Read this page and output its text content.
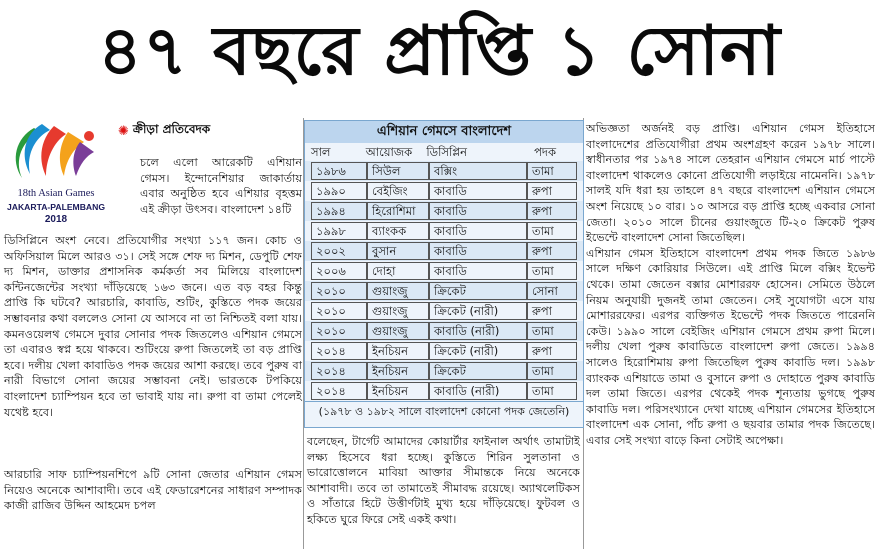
৪৭ বছরে প্রাপ্তি ১ সোনা
18th Asian Games
JAKARTA-PALEMBANG
2018
✺ ক্রীড়া প্রতিবেদক

চলে এলো আরেকটি এশিয়ান গেমস। ইন্দোনেশিয়ার জাকার্তায় এবার অনুষ্ঠিত হবে এশিয়ার বৃহত্তম এই ক্রীড়া উৎসব। বাংলাদেশ ১৪টি

ডিসিপ্লিনে অংশ নেবে। প্রতিযোগীর সংখ্যা ১১৭ জন। কোচ ও অফিসিয়াল মিলে আরও ৩১। সেই সঙ্গে শেফ দ্য মিশন, ডেপুটি শেফ দ্য মিশন, ডাক্তার প্রশাসনিক কর্মকর্তা সব মিলিয়ে বাংলাদেশ কন্টিনজেন্টের সংখ্যা দাঁড়িয়েছে ১৬৩ জনে। এত বড় বহর কিন্তু প্রাপ্তি কি ঘটবে? আরচারি, কাবাডি, শুটিং, কুস্তিতে পদক জয়ের সম্ভাবনার কথা বললেও সোনা যে আসবে না তা নিশ্চিতই বলা যায়। কমনওয়েলথ গেমসে দুবার সোনার পদক জিতলেও এশিয়ান গেমসে তা এবারও স্বপ্ন হয়ে থাকবে। শুটিংয়ে রুপা জিতলেই তা বড় প্রাপ্তি হবে। দলীয় খেলা কাবাডিও পদক জয়ের আশা করছে। তবে পুরুষ বা নারী বিভাগে সোনা জয়ের সম্ভাবনা নেই। ভারতকে টপকিয়ে বাংলাদেশ চ্যাম্পিয়ন হবে তা ভাবাই যায় না। রুপা বা তামা পেলেই যথেষ্ট হবে।

আরচারি সাফ চ্যাম্পিয়নশিপে ৯টি সোনা জেতার এশিয়ান গেমস নিয়েও অনেকে আশাবাদী। তবে এই ফেডারেশনের সাধারণ সম্পাদক কাজী রাজিব উদ্দিন আহমেদ চপল

এশিয়ান গেমসে বাংলাদেশ
সাল	আয়োজক	ডিসিপ্লিন	পদক
১৯৮৬	সিউল	বক্সিং	তামা
১৯৯০	বেইজিং	কাবাডি	রুপা
১৯৯৪	হিরোশিমা	কাবাডি	রুপা
১৯৯৮	ব্যাংকক	কাবাডি	তামা
২০০২	বুসান	কাবাডি	রুপা
২০০৬	দোহা	কাবাডি	তামা
২০১০	গুয়াংজু	ক্রিকেট	সোনা
২০১০	গুয়াংজু	ক্রিকেট (নারী)	রুপা
২০১০	গুয়াংজু	কাবাডি (নারী)	তামা
২০১৪	ইনচিয়ন	ক্রিকেট (নারী)	রুপা
২০১৪	ইনচিয়ন	ক্রিকেট	তামা
২০১৪	ইনচিয়ন	কাবাডি (নারী)	তামা
(১৯৭৮ ও ১৯৮২ সালে বাংলাদেশ কোনো পদক জেতেনি)

বলেছেন, টার্গেট আমাদের কোয়ার্টার ফাইনাল অর্থাৎ তামাটাই লক্ষ্য হিসেবে ধরা হচ্ছে। কুস্তিতে শিরিন সুলতানা ও ভারোত্তোলনে মাবিয়া আক্তার সীমান্তকে নিয়ে অনেকে আশাবাদী। তবে তা তামাতেই সীমাবদ্ধ রয়েছে। অ্যাথলেটিকস ও সাঁতারে হিটে উত্তীর্ণটাই মুখ্য হয়ে দাঁড়িয়েছে। ফুটবল ও হকিতে ঘুরে ফিরে সেই একই কথা।

অভিজ্ঞতা অর্জনই বড় প্রাপ্তি। এশিয়ান গেমস ইতিহাসে বাংলাদেশের প্রতিযোগীরা প্রথম অংশগ্রহণ করেন ১৯৭৮ সালে। স্বাধীনতার পর ১৯৭৪ সালে তেহরান এশিয়ান গেমসে মার্চ পাস্টে বাংলাদেশ থাকলেও কোনো প্রতিযোগী লড়াইয়ে নামেননি। ১৯৭৮ সালই যদি ধরা হয় তাহলে ৪৭ বছরে বাংলাদেশ এশিয়ান গেমসে অংশ নিয়েছে ১০ বার। ১০ আসরে বড় প্রাপ্তি হচ্ছে একবার সোনা জেতা। ২০১০ সালে চীনের গুয়াংজুতে টি-২০ ক্রিকেট পুরুষ ইভেন্টে বাংলাদেশ সোনা জিতেছিল।

এশিয়ান গেমস ইতিহাসে বাংলাদেশ প্রথম পদক জিতে ১৯৮৬ সালে দক্ষিণ কোরিয়ার সিউলে। এই প্রাপ্তি মিলে বক্সিং ইভেন্ট থেকে। তামা জেতেন বক্সার মোশাররফ হোসেন। সেমিতে উঠলে নিয়ম অনুযায়ী দুজনই তামা জেতেন। সেই সুযোগটা এসে যায় মোশাররফের। এরপর ব্যক্তিগত ইভেন্টে পদক জিততে পারেননি কেউ। ১৯৯০ সালে বেইজিং এশিয়ান গেমসে প্রথম রুপা মিলে। দলীয় খেলা পুরুষ কাবাডিতে বাংলাদেশ রুপা জেতে। ১৯৯৪ সালেও হিরোশিমায় রুপা জিতেছিল পুরুষ কাবাডি দল। ১৯৯৮ ব্যাংকক এশিয়াডে তামা ও বুসানে রুপা ও দোহাতে পুরুষ কাবাডি দল তামা জিতে। এরপর থেকেই পদক শূন্যতায় ভুগছে পুরুষ কাবাডি দল। পরিসংখ্যানে দেখা যাচ্ছে এশিয়ান গেমসের ইতিহাসে বাংলাদেশ এক সোনা, পাঁচ রুপা ও ছয়বার তামার পদক জিতেছে। এবার সেই সংখ্যা বাড়ে কিনা সেটাই অপেক্ষা।
